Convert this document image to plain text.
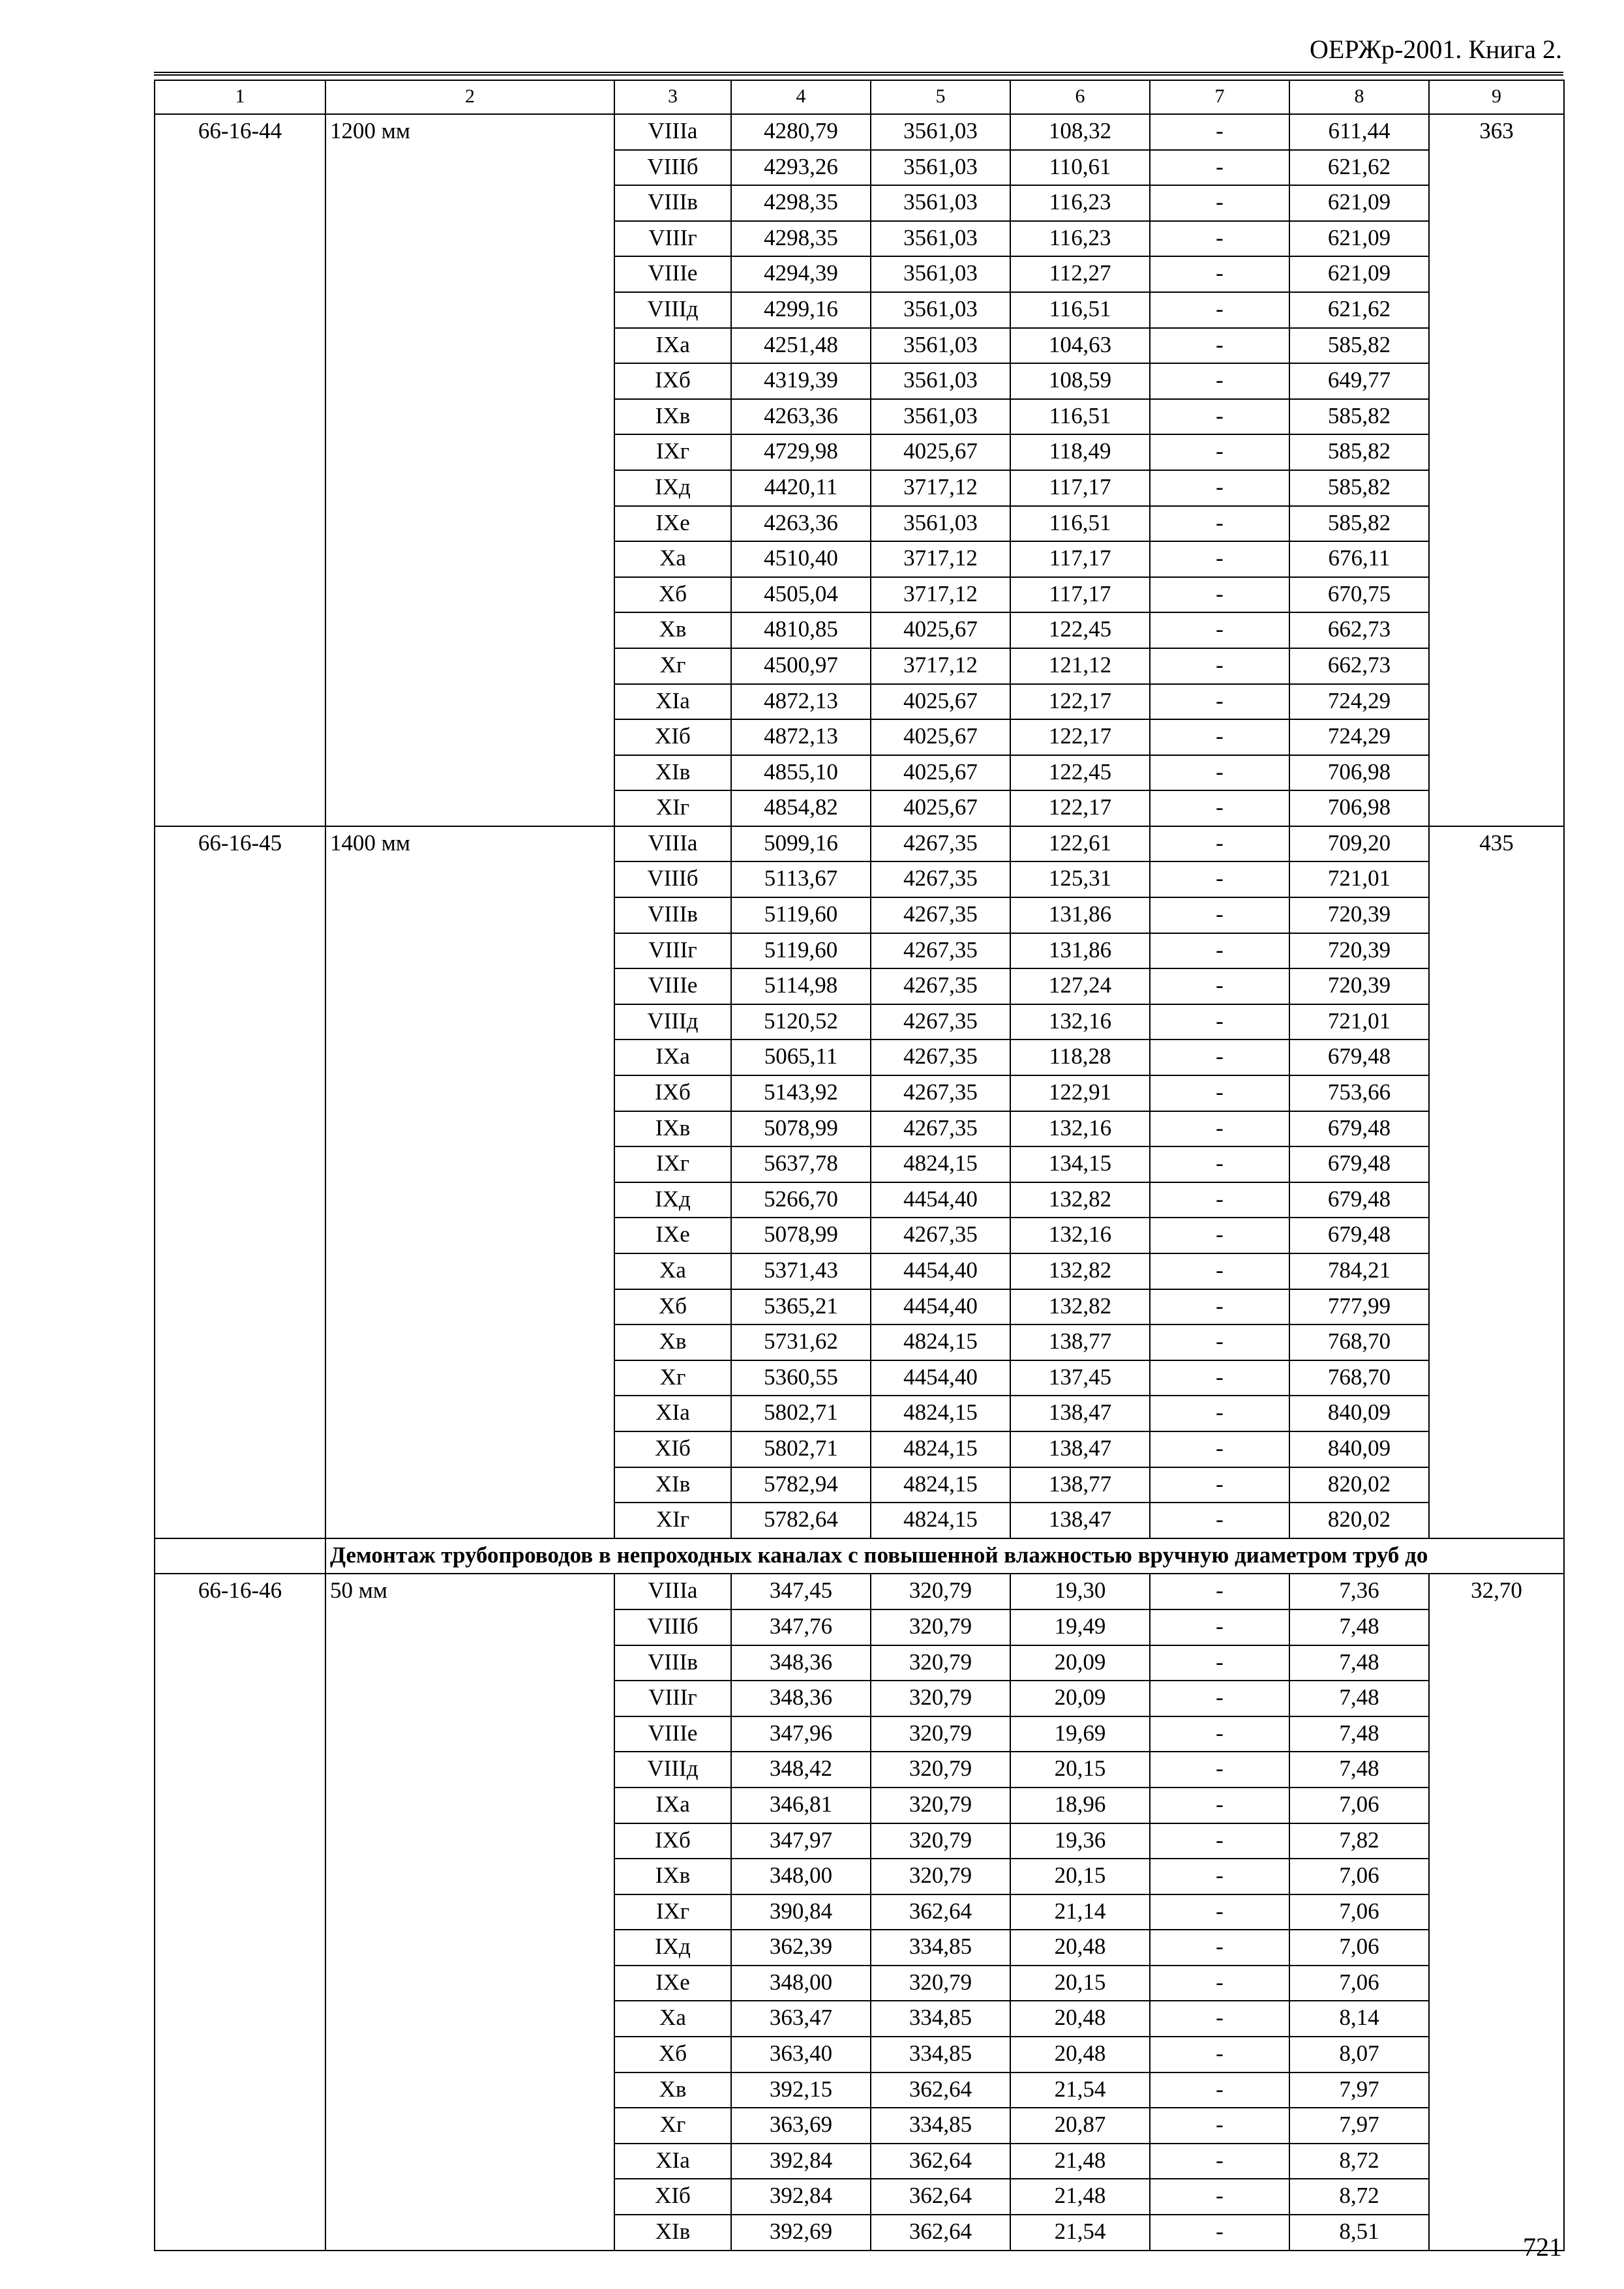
ОЕРЖр-2001. Книга 2.
1	2	3	4	5	6	7	8	9
66-16-44	1200 мм	VIIIа	4280,79	3561,03	108,32	-	611,44	363
		VIIIб	4293,26	3561,03	110,61	-	621,62	
		VIIIв	4298,35	3561,03	116,23	-	621,09	
		VIIIг	4298,35	3561,03	116,23	-	621,09	
		VIIIе	4294,39	3561,03	112,27	-	621,09	
		VIIIд	4299,16	3561,03	116,51	-	621,62	
		IXа	4251,48	3561,03	104,63	-	585,82	
		IXб	4319,39	3561,03	108,59	-	649,77	
		IXв	4263,36	3561,03	116,51	-	585,82	
		IXг	4729,98	4025,67	118,49	-	585,82	
		IXд	4420,11	3717,12	117,17	-	585,82	
		IXе	4263,36	3561,03	116,51	-	585,82	
		Xа	4510,40	3717,12	117,17	-	676,11	
		Xб	4505,04	3717,12	117,17	-	670,75	
		Xв	4810,85	4025,67	122,45	-	662,73	
		Xг	4500,97	3717,12	121,12	-	662,73	
		XIа	4872,13	4025,67	122,17	-	724,29	
		XIб	4872,13	4025,67	122,17	-	724,29	
		XIв	4855,10	4025,67	122,45	-	706,98	
		XIг	4854,82	4025,67	122,17	-	706,98	
66-16-45	1400 мм	VIIIа	5099,16	4267,35	122,61	-	709,20	435
		VIIIб	5113,67	4267,35	125,31	-	721,01	
		VIIIв	5119,60	4267,35	131,86	-	720,39	
		VIIIг	5119,60	4267,35	131,86	-	720,39	
		VIIIе	5114,98	4267,35	127,24	-	720,39	
		VIIIд	5120,52	4267,35	132,16	-	721,01	
		IXа	5065,11	4267,35	118,28	-	679,48	
		IXб	5143,92	4267,35	122,91	-	753,66	
		IXв	5078,99	4267,35	132,16	-	679,48	
		IXг	5637,78	4824,15	134,15	-	679,48	
		IXд	5266,70	4454,40	132,82	-	679,48	
		IXе	5078,99	4267,35	132,16	-	679,48	
		Xа	5371,43	4454,40	132,82	-	784,21	
		Xб	5365,21	4454,40	132,82	-	777,99	
		Xв	5731,62	4824,15	138,77	-	768,70	
		Xг	5360,55	4454,40	137,45	-	768,70	
		XIа	5802,71	4824,15	138,47	-	840,09	
		XIб	5802,71	4824,15	138,47	-	840,09	
		XIв	5782,94	4824,15	138,77	-	820,02	
		XIг	5782,64	4824,15	138,47	-	820,02	
	Демонтаж трубопроводов в непроходных каналах с повышенной влажностью вручную диаметром труб до							
66-16-46	50 мм	VIIIа	347,45	320,79	19,30	-	7,36	32,70
		VIIIб	347,76	320,79	19,49	-	7,48	
		VIIIв	348,36	320,79	20,09	-	7,48	
		VIIIг	348,36	320,79	20,09	-	7,48	
		VIIIе	347,96	320,79	19,69	-	7,48	
		VIIIд	348,42	320,79	20,15	-	7,48	
		IXа	346,81	320,79	18,96	-	7,06	
		IXб	347,97	320,79	19,36	-	7,82	
		IXв	348,00	320,79	20,15	-	7,06	
		IXг	390,84	362,64	21,14	-	7,06	
		IXд	362,39	334,85	20,48	-	7,06	
		IXе	348,00	320,79	20,15	-	7,06	
		Xа	363,47	334,85	20,48	-	8,14	
		Xб	363,40	334,85	20,48	-	8,07	
		Xв	392,15	362,64	21,54	-	7,97	
		Xг	363,69	334,85	20,87	-	7,97	
		XIа	392,84	362,64	21,48	-	8,72	
		XIб	392,84	362,64	21,48	-	8,72	
		XIв	392,69	362,64	21,54	-	8,51	
721
